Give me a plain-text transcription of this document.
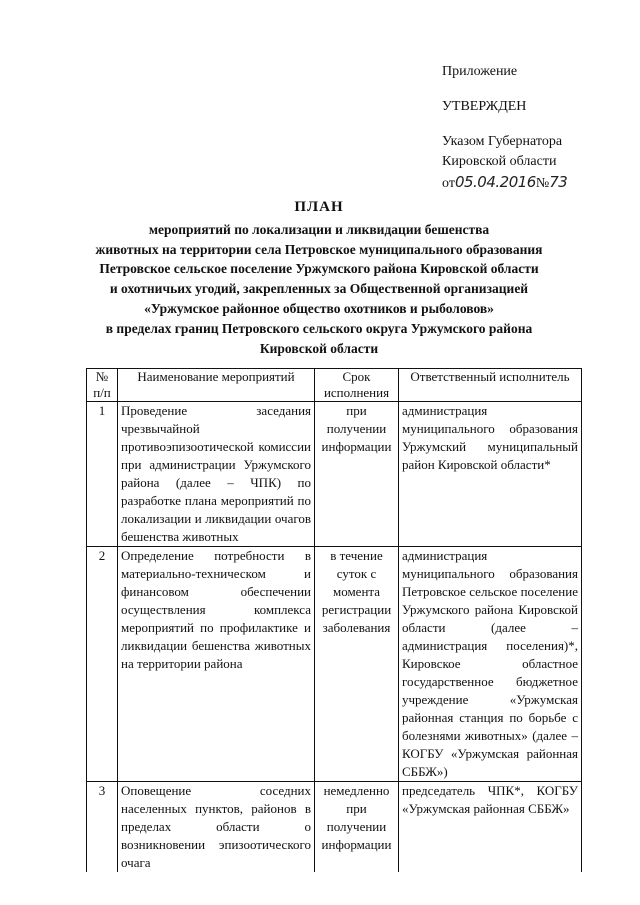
Приложение
УТВЕРЖДЕН
Указом Губернатора
Кировской области
от05.04.2016№73
ПЛАН
мероприятий по локализации и ликвидации бешенства
животных на территории села Петровское муниципального образования
Петровское сельское поселение Уржумского района Кировской области
и охотничьих угодий, закрепленных за Общественной организацией
«Уржумское районное общество охотников и рыболовов»
в пределах границ Петровского сельского округа Уржумского района
Кировской области
№ п/п	Наименование мероприятий	Срок исполнения	Ответственный исполнитель
1	Проведение заседания чрезвычайной противоэпизоотической комиссии при администрации Уржумского района (далее – ЧПК) по разработке плана мероприятий по локализации и ликвидации очагов бешенства животных	при получении информации	администрация муниципального образования Уржумский муниципальный район Кировской области*
2	Определение потребности в материально-техническом и финансовом обеспечении осуществления комплекса мероприятий по профилактике и ликвидации бешенства животных на территории района	в течение суток с момента регистрации заболевания	администрация муниципального образования Петровское сельское поселение Уржумского района Кировской области (далее – администрация поселения)*, Кировское областное государственное бюджетное учреждение «Уржумская районная станция по борьбе с болезнями животных» (далее – КОГБУ «Уржумская районная СББЖ»)
3	Оповещение соседних населенных пунктов, районов в пределах области о возникновении эпизоотического очага	немедленно при получении информации	председатель ЧПК*, КОГБУ «Уржумская районная СББЖ»
